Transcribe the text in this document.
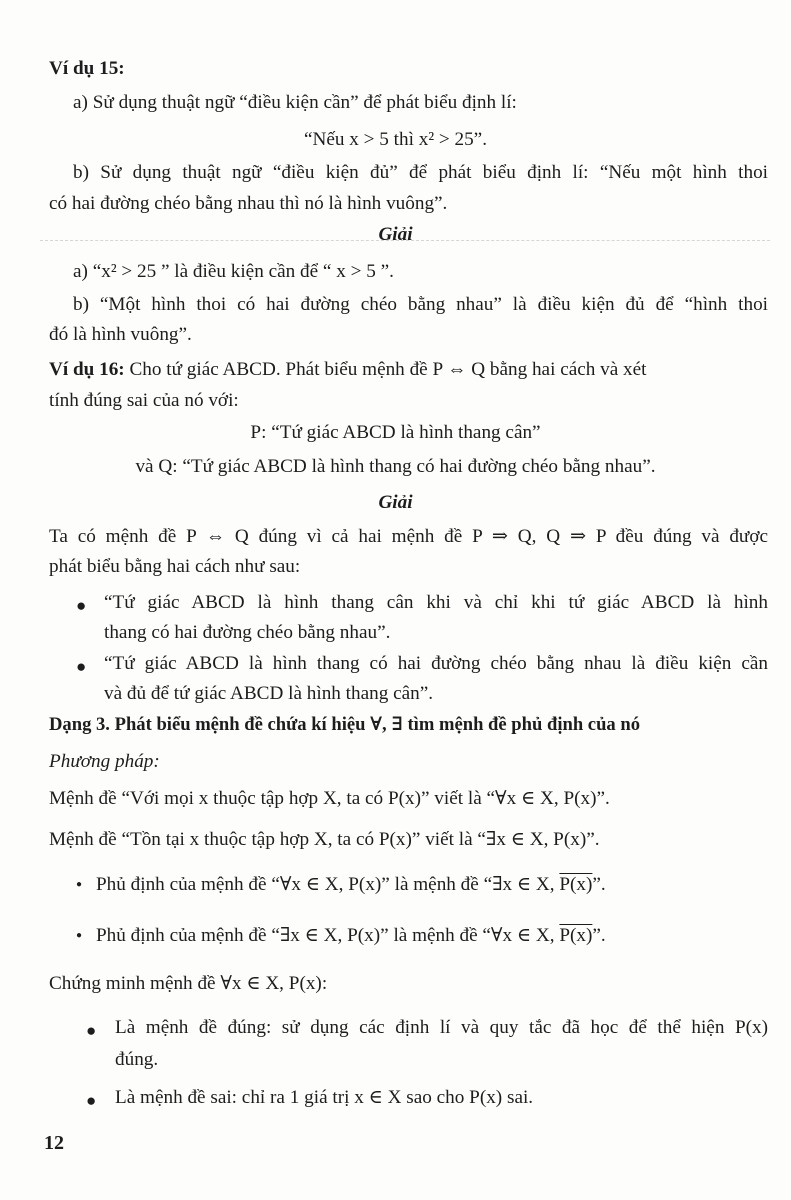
Ví dụ 15:
a) Sử dụng thuật ngữ “điều kiện cần” để phát biểu định lí:
“Nếu x > 5 thì x² > 25”.
b) Sử dụng thuật ngữ “điều kiện đủ” để phát biểu định lí: “Nếu một hình thoi
có hai đường chéo bằng nhau thì nó là hình vuông”.
Giải
a) “x² > 25 ” là điều kiện cần để “ x > 5 ”.
b) “Một hình thoi có hai đường chéo bằng nhau” là điều kiện đủ để “hình thoi
đó là hình vuông”.
Ví dụ 16: Cho tứ giác ABCD. Phát biểu mệnh đề P ⇔ Q bằng hai cách và xét
tính đúng sai của nó với:
P: “Tứ giác ABCD là hình thang cân”
và Q: “Tứ giác ABCD là hình thang có hai đường chéo bằng nhau”.
Giải
Ta có mệnh đề P ⇔ Q đúng vì cả hai mệnh đề P ⇒ Q, Q ⇒ P đều đúng và được
phát biểu bằng hai cách như sau:
● “Tứ giác ABCD là hình thang cân khi và chỉ khi tứ giác ABCD là hình
thang có hai đường chéo bằng nhau”.
● “Tứ giác ABCD là hình thang có hai đường chéo bằng nhau là điều kiện cần
và đủ để tứ giác ABCD là hình thang cân”.
Dạng 3. Phát biểu mệnh đề chứa kí hiệu ∀, ∃ tìm mệnh đề phủ định của nó
Phương pháp:
Mệnh đề “Với mọi x thuộc tập hợp X, ta có P(x)” viết là “∀x ∈ X, P(x)”.
Mệnh đề “Tồn tại x thuộc tập hợp X, ta có P(x)” viết là “∃x ∈ X, P(x)”.
● Phủ định của mệnh đề “∀x ∈ X, P(x)” là mệnh đề “∃x ∈ X, P(x)”.
● Phủ định của mệnh đề “∃x ∈ X, P(x)” là mệnh đề “∀x ∈ X, P(x)”.
Chứng minh mệnh đề ∀x ∈ X, P(x):
● Là mệnh đề đúng: sử dụng các định lí và quy tắc đã học để thể hiện P(x)
đúng.
● Là mệnh đề sai: chỉ ra 1 giá trị x ∈ X sao cho P(x) sai.
12
